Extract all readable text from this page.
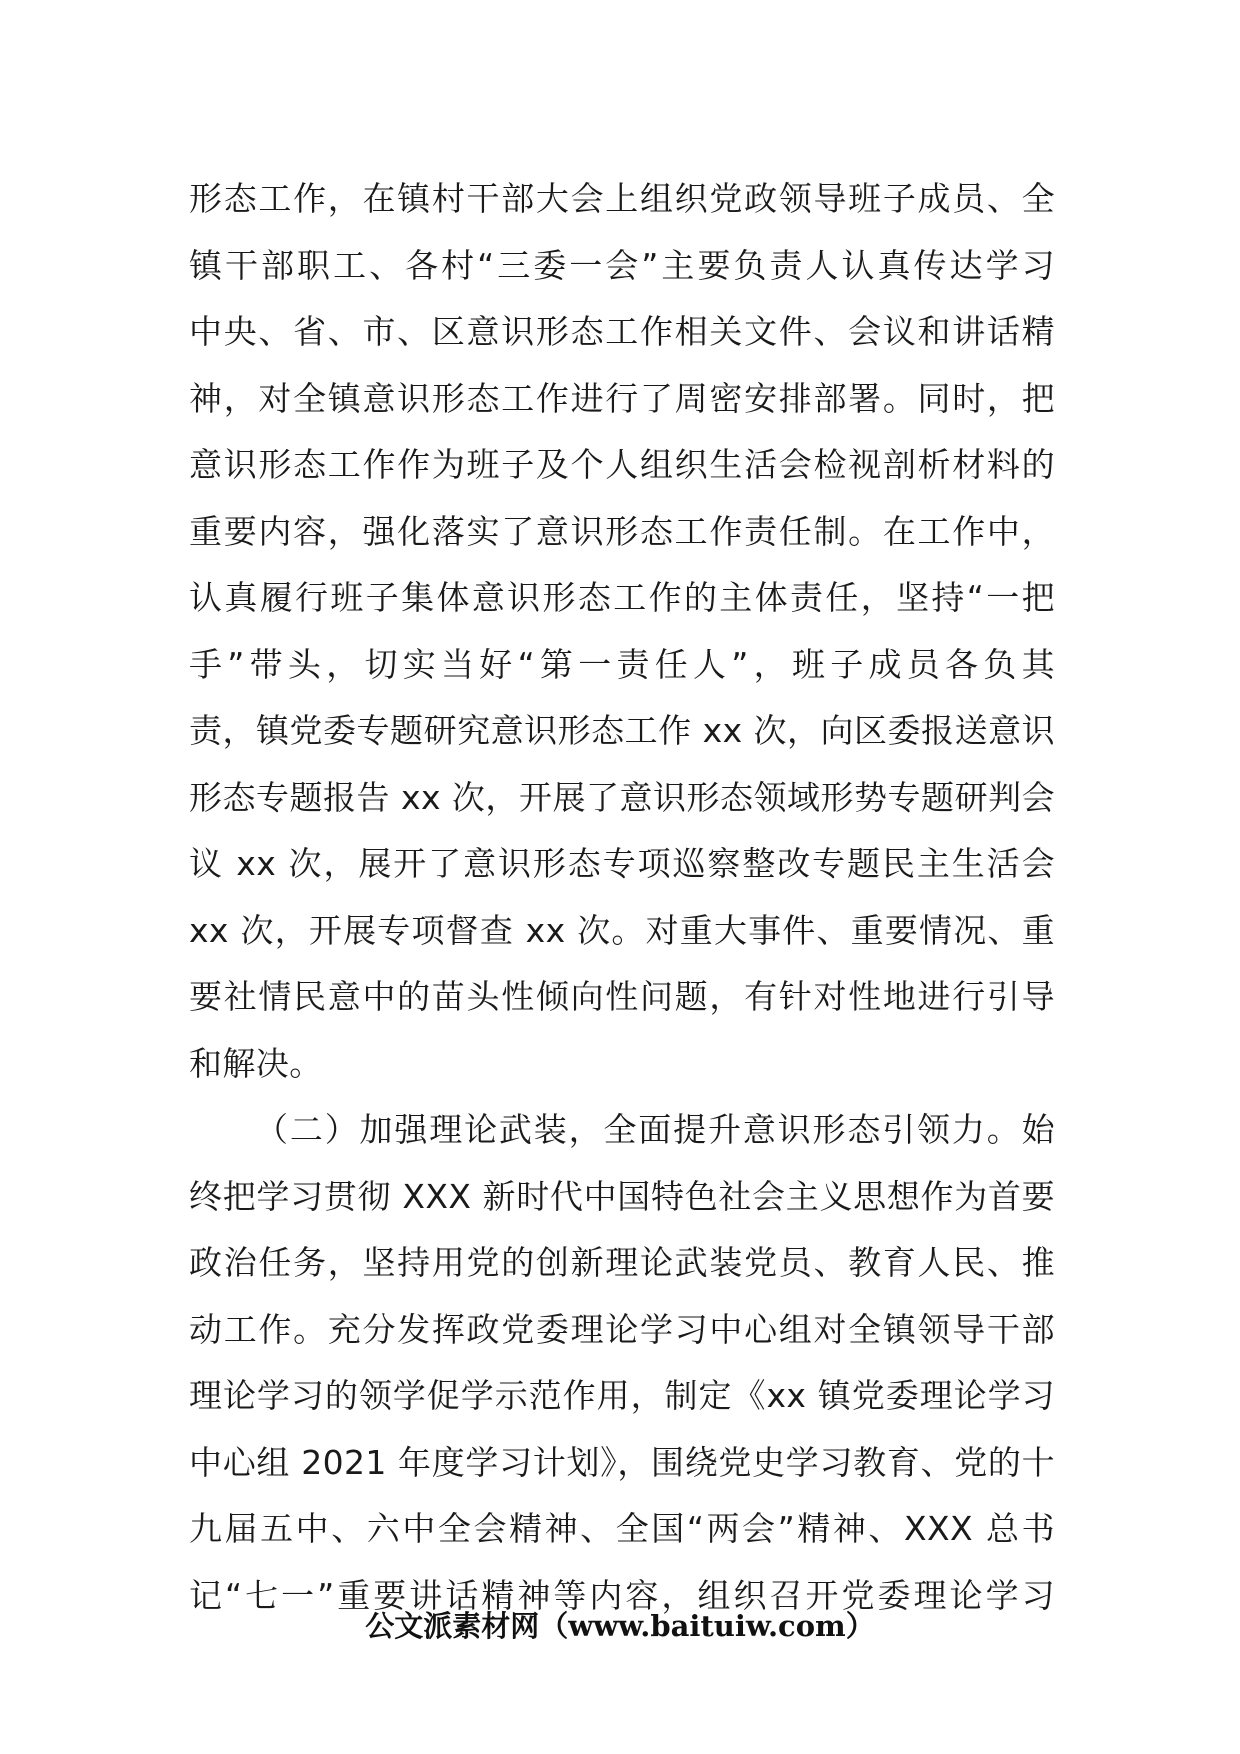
形态工作，在镇村干部大会上组织党政领导班子成员、全
镇干部职工、各村“三委一会”主要负责人认真传达学习
中央、省、市、区意识形态工作相关文件、会议和讲话精
神，对全镇意识形态工作进行了周密安排部署。同时，把
意识形态工作作为班子及个人组织生活会检视剖析材料的
重要内容，强化落实了意识形态工作责任制。在工作中，
认真履行班子集体意识形态工作的主体责任，坚持“一把
手”带头，切实当好“第一责任人”，班子成员各负其
责，镇党委专题研究意识形态工作 xx 次，向区委报送意识
形态专题报告 xx 次，开展了意识形态领域形势专题研判会
议 xx 次，展开了意识形态专项巡察整改专题民主生活会
xx 次，开展专项督查 xx 次。对重大事件、重要情况、重
要社情民意中的苗头性倾向性问题，有针对性地进行引导
和解决。
（二）加强理论武装，全面提升意识形态引领力。始
终把学习贯彻 XXX 新时代中国特色社会主义思想作为首要
政治任务，坚持用党的创新理论武装党员、教育人民、推
动工作。充分发挥政党委理论学习中心组对全镇领导干部
理论学习的领学促学示范作用，制定《xx 镇党委理论学习
中心组 2021 年度学习计划》，围绕党史学习教育、党的十
九届五中、六中全会精神、全国“两会”精神、XXX 总书
记“七一”重要讲话精神等内容，组织召开党委理论学习
公文派素材网（www.baituiw.com）
